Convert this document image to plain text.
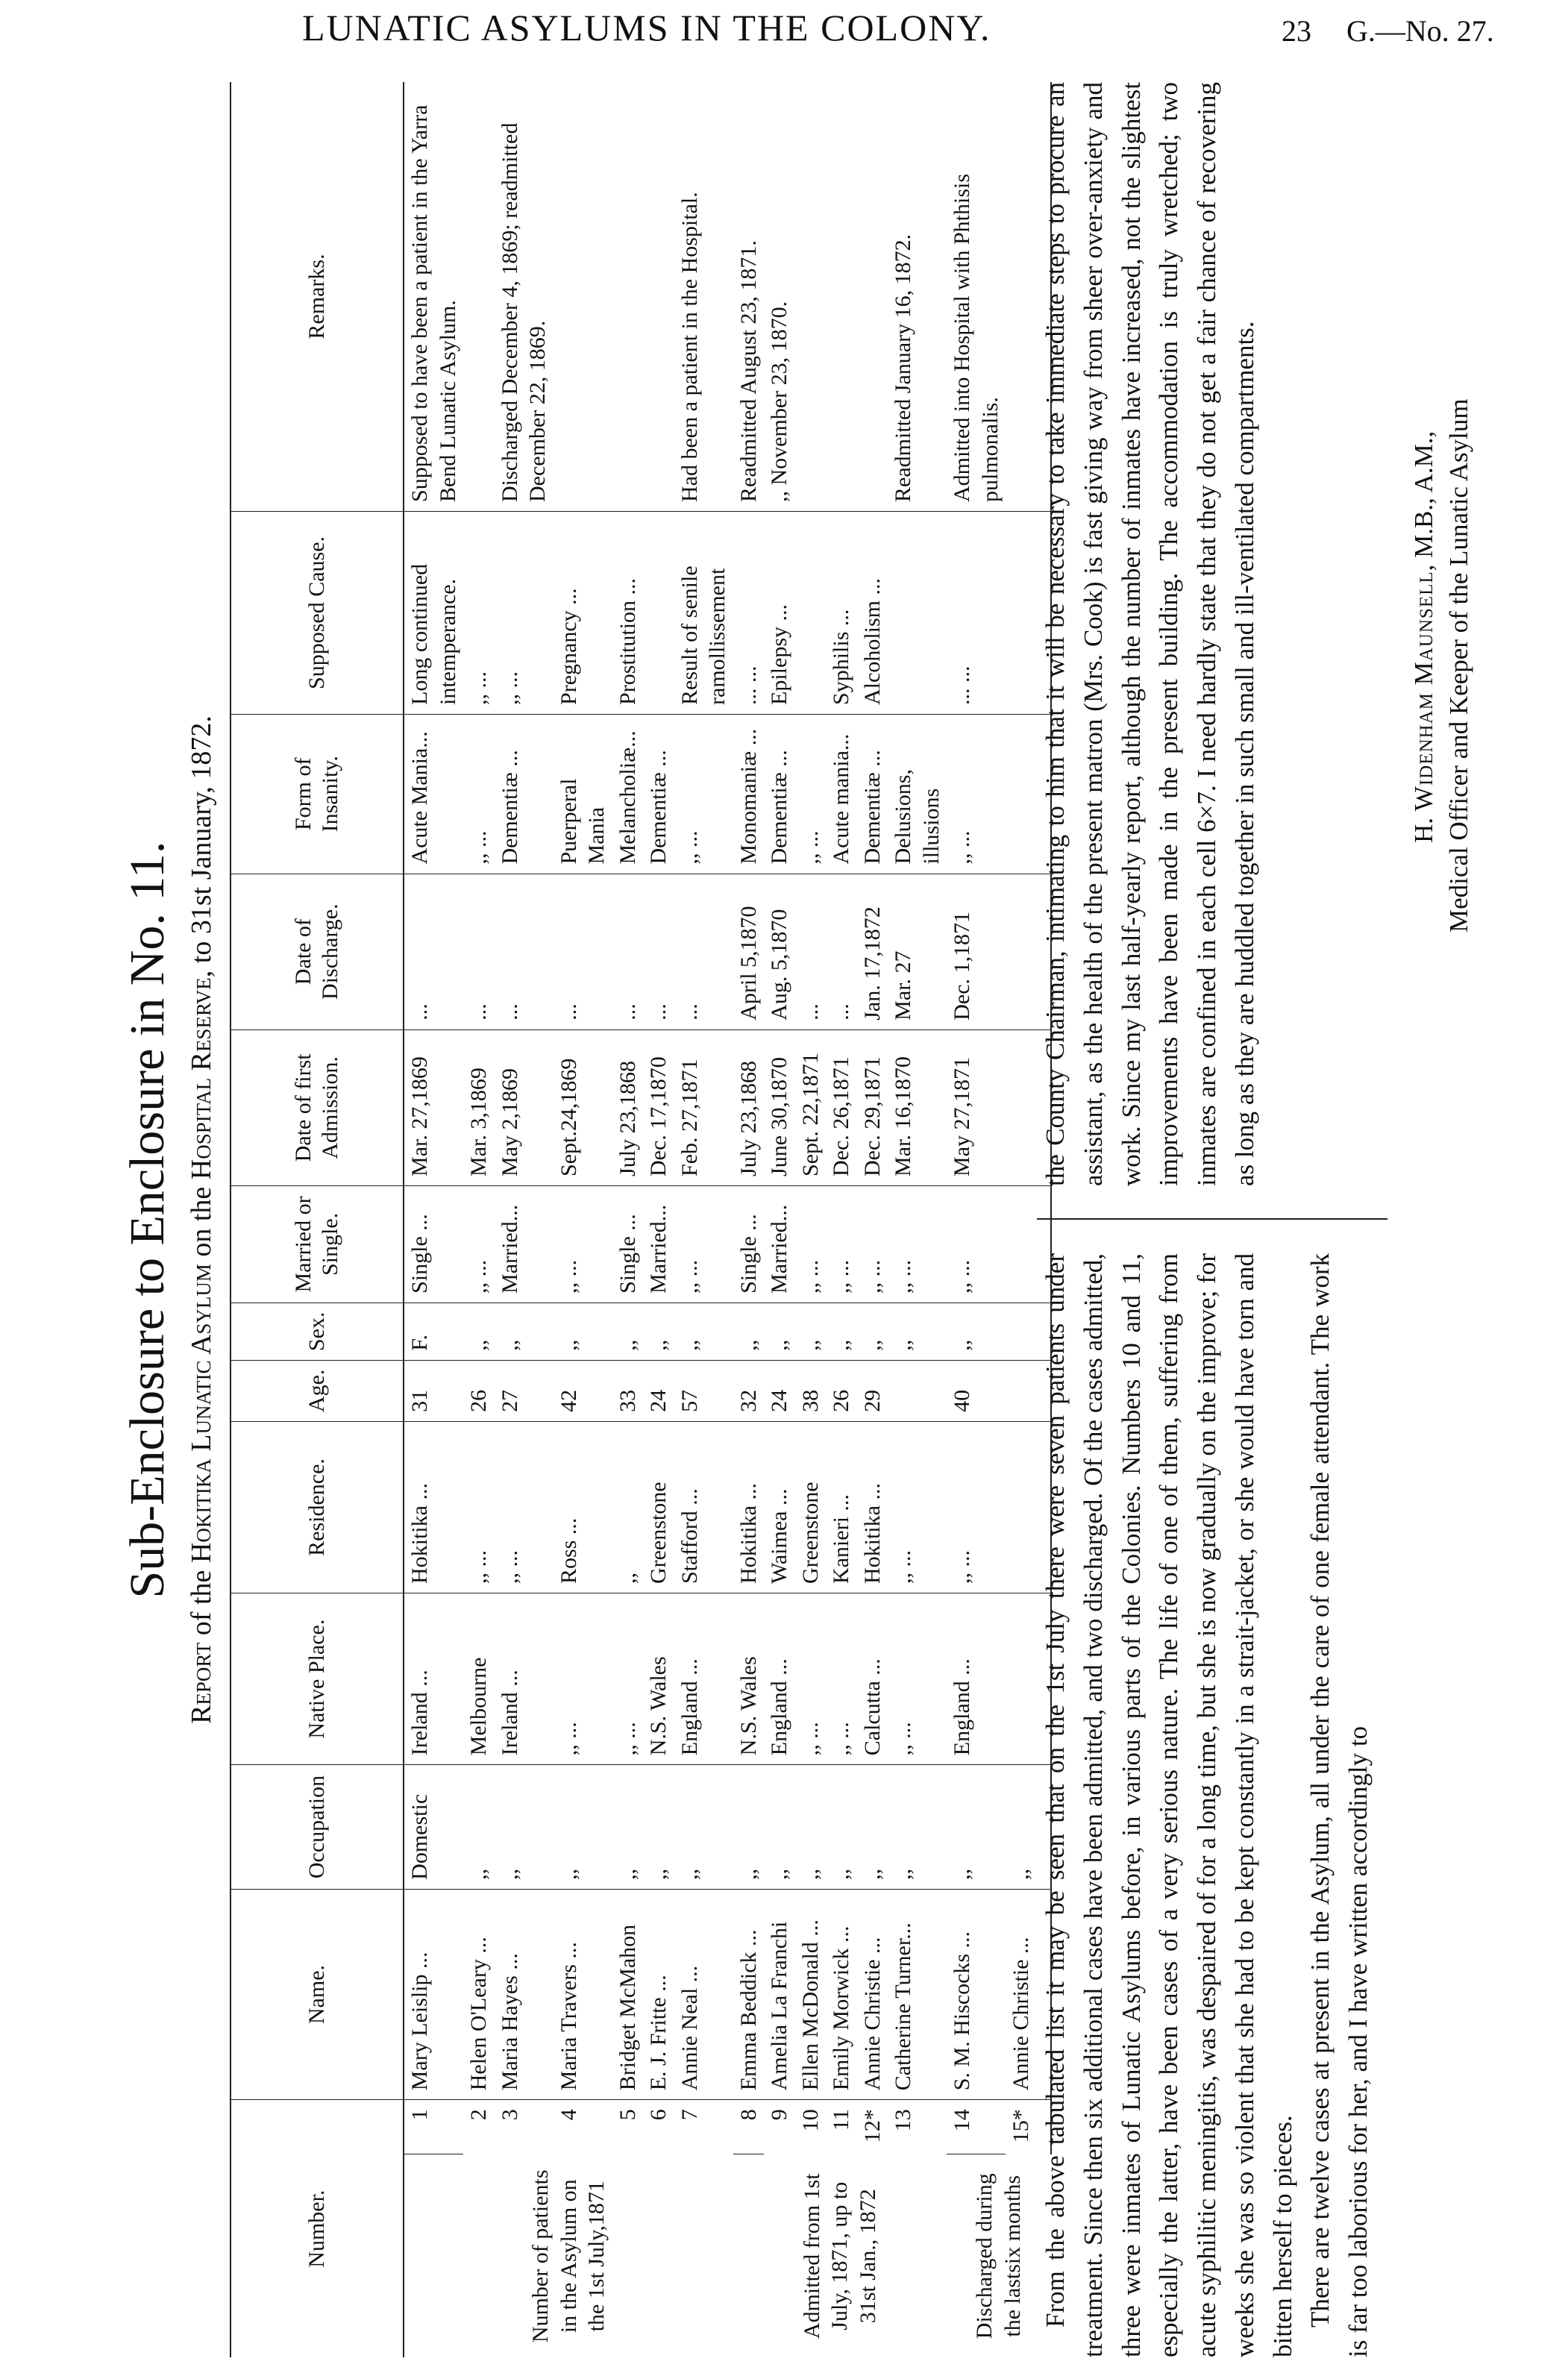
LUNATIC ASYLUMS IN THE COLONY.	23 G.—No. 27.
Sub-Enclosure to Enclosure in No. 11.
Report of the Hokitika Lunatic Asylum on the Hospital Reserve, to 31st January, 1872.
Number.		Name.	Occupation	Native Place.	Residence.	Age.	Sex.	Married or Single.	Date of first Admission.	Date of Discharge.	Form of Insanity.	Supposed Cause.	Remarks.
Number of patients in the Asylum on the 1st July,1871	1	Mary Leislip ...	Domestic	Ireland ...	Hokitika ...	31	F.	Single ...	Mar. 27,1869	...	Acute Mania...	Long continued intemperance.	Supposed to have been a patient in the Yarra Bend Lunatic Asylum.
	2	Helen O'Leary ...	,,	Melbourne	,, ...	26	,,	,, ...	Mar. 3,1869	...	,, ...	,, ...	
	3	Maria Hayes ...	,,	Ireland ...	,, ...	27	,,	Married...	May 2,1869	...	Dementiæ ...	,, ...	Discharged December 4, 1869; readmitted December 22, 1869.
	4	Maria Travers ...	,,	,, ...	Ross ...	42	,,	,, ...	Sept.24,1869	...	Puerperal Mania	Pregnancy ...	
	5	Bridget McMahon	,,	,, ...	,,	33	,,	Single ...	July 23,1868	...	Melancholiæ...	Prostitution ...	
	6	E. J. Fritte ...	,,	N.S. Wales	Greenstone	24	,,	Married...	Dec. 17,1870	...	Dementiæ ...		
	7	Annie Neal ...	,,	England ...	Stafford ...	57	,,	,, ...	Feb. 27,1871	...	,, ...	Result of senile ramollissement	Had been a patient in the Hospital.
Admitted from 1st July, 1871, up to 31st Jan., 1872	8	Emma Beddick ...	,,	N.S. Wales	Hokitika ...	32	,,	Single ...	July 23,1868	April 5,1870	Monomaniæ ...	... ...	Readmitted August 23, 1871.
	9	Amelia La Franchi	,,	England ...	Waimea ...	24	,,	Married...	June 30,1870	Aug. 5,1870	Dementiæ ...	Epilepsy ...	,, November 23, 1870.
	10	Ellen McDonald ...	,,	,, ...	Greenstone	38	,,	,, ...	Sept. 22,1871	...	,, ...		
	11	Emily Morwick ...	,,	,, ...	Kanieri ...	26	,,	,, ...	Dec. 26,1871	...	Acute mania...	Syphilis ...	
	12*	Annie Christie ...	,,	Calcutta ...	Hokitika ...	29	,,	,, ...	Dec. 29,1871	Jan. 17,1872	Dementiæ ...	Alcoholism ...	
	13	Catherine Turner...	,,	,, ...	,, ...		,,	,, ...	Mar. 16,1870	Mar. 27	Delusions, illusions		Readmitted January 16, 1872.
Discharged during the lastsix months	14	S. M. Hiscocks ...	,,	England ...	,, ...	40	,,	,, ...	May 27,1871	Dec. 1,1871	,, ...	... ...	Admitted into Hospital with Phthisis pulmonalis.
	15*	Annie Christie ...	,,										From the above tabulated list it may be seen that on the 1st July there were seven patients under treatment. Since then six additional cases have been admitted, and two discharged. Of the cases admitted, three were inmates of Lunatic Asylums before, in various parts of the Colonies. Numbers 10 and 11, especially the latter, have been cases of a very serious nature. The life of one of them, suffering from acute syphilitic meningitis, was despaired of for a long time, but she is now gradually on the improve; for weeks she was so violent that she had to be kept constantly in a strait-jacket, or she would have torn and bitten herself to pieces. There are twelve cases at present in the Asylum, all under the care of one female attendant. The work is far too laborious for her, and I have written accordingly to

the County Chairman, intimating to him that it will be necessary to take immediate steps to procure an assistant, as the health of the present matron (Mrs. Cook) is fast giving way from sheer over-anxiety and work. Since my last half-yearly report, although the number of inmates have increased, not the slightest improvements have been made in the present building. The accommodation is truly wretched; two inmates are confined in each cell 6×7. I need hardly state that they do not get a fair chance of recovering as long as they are huddled together in such small and ill-ventilated compartments.	H. Widenham Maunsell, M.B., A.M., Medical Officer and Keeper of the Lunatic Asylum
